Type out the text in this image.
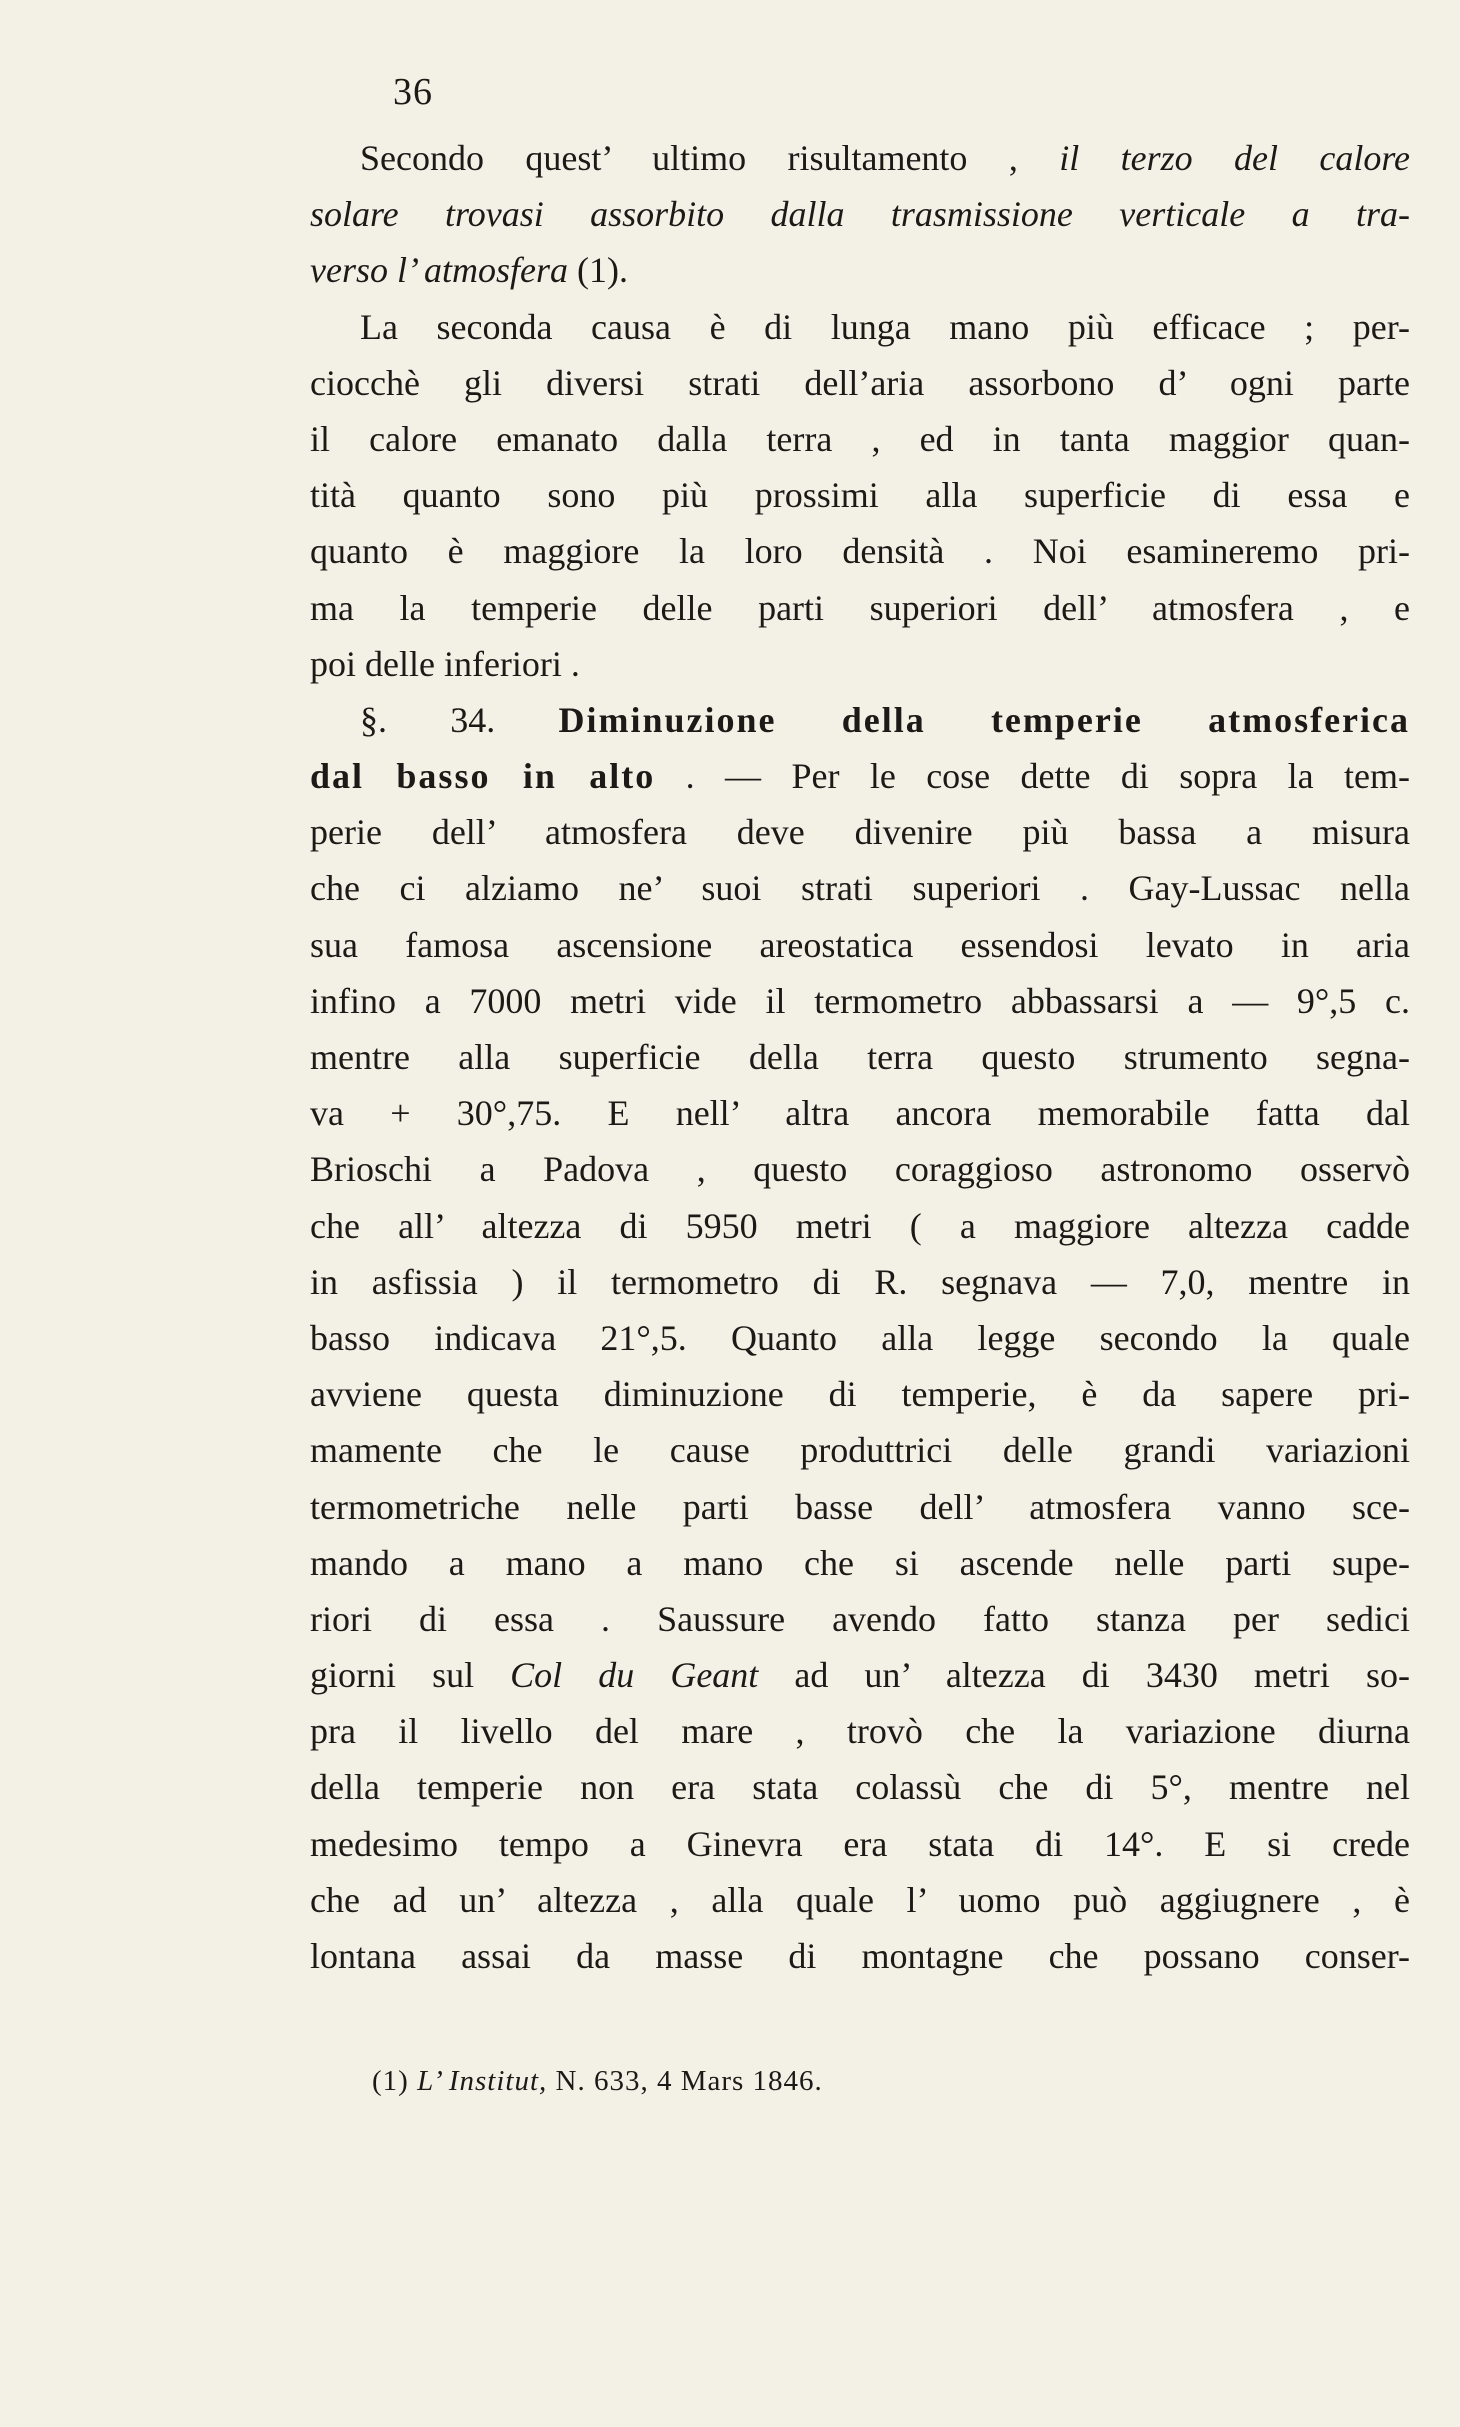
36
Secondo quest’ ultimo risultamento , il terzo del calore
solare trovasi assorbito dalla trasmissione verticale a tra-
verso l’ atmosfera (1).
La seconda causa è di lunga mano più efficace ; per-
ciocchè gli diversi strati dell’aria assorbono d’ ogni parte
il calore emanato dalla terra , ed in tanta maggior quan-
tità quanto sono più prossimi alla superficie di essa e
quanto è maggiore la loro densità . Noi esamineremo pri-
ma la temperie delle parti superiori dell’ atmosfera , e
poi delle inferiori .
§. 34. Diminuzione della temperie atmosferica
dal basso in alto . — Per le cose dette di sopra la tem-
perie dell’ atmosfera deve divenire più bassa a misura
che ci alziamo ne’ suoi strati superiori . Gay-Lussac nella
sua famosa ascensione areostatica essendosi levato in aria
infino a 7000 metri vide il termometro abbassarsi a — 9°,5 c.
mentre alla superficie della terra questo strumento segna-
va + 30°,75. E nell’ altra ancora memorabile fatta dal
Brioschi a Padova , questo coraggioso astronomo osservò
che all’ altezza di 5950 metri ( a maggiore altezza cadde
in asfissia ) il termometro di R. segnava — 7,0, mentre in
basso indicava 21°,5. Quanto alla legge secondo la quale
avviene questa diminuzione di temperie, è da sapere pri-
mamente che le cause produttrici delle grandi variazioni
termometriche nelle parti basse dell’ atmosfera vanno sce-
mando a mano a mano che si ascende nelle parti supe-
riori di essa . Saussure avendo fatto stanza per sedici
giorni sul Col du Geant ad un’ altezza di 3430 metri so-
pra il livello del mare , trovò che la variazione diurna
della temperie non era stata colassù che di 5°, mentre nel
medesimo tempo a Ginevra era stata di 14°. E si crede
che ad un’ altezza , alla quale l’ uomo può aggiugnere , è
lontana assai da masse di montagne che possano conser-
(1) L’ Institut, N. 633, 4 Mars 1846.
